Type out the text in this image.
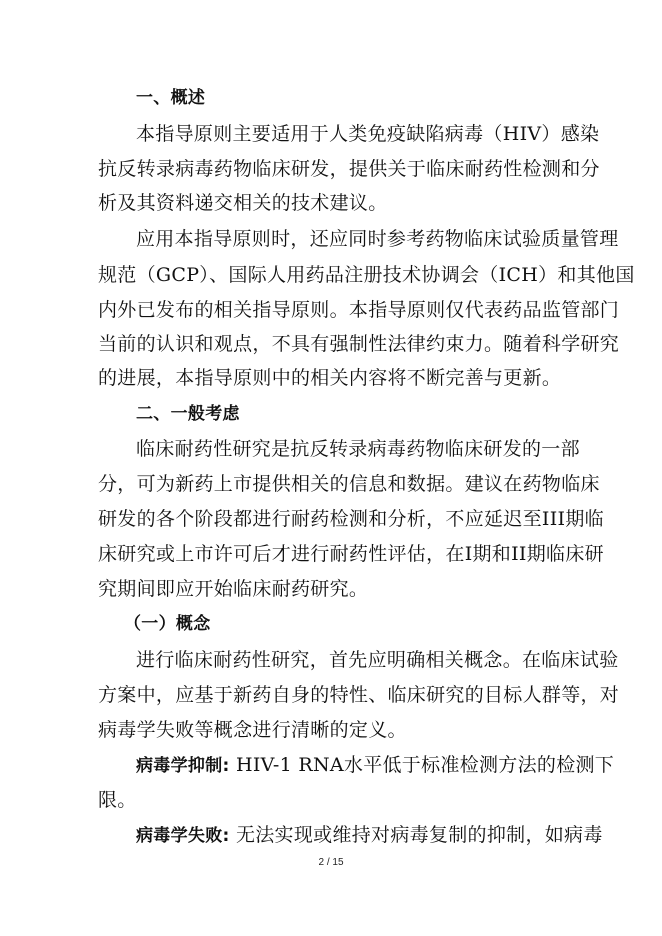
一、概述
本指导原则主要适用于人类免疫缺陷病毒（HIV）感染
抗反转录病毒药物临床研发，提供关于临床耐药性检测和分
析及其资料递交相关的技术建议。
应用本指导原则时，还应同时参考药物临床试验质量管理
规范（GCP）、国际人用药品注册技术协调会（ICH）和其他国
内外已发布的相关指导原则。本指导原则仅代表药品监管部门
当前的认识和观点，不具有强制性法律约束力。随着科学研究
的进展，本指导原则中的相关内容将不断完善与更新。
二、一般考虑
临床耐药性研究是抗反转录病毒药物临床研发的一部
分，可为新药上市提供相关的信息和数据。建议在药物临床
研发的各个阶段都进行耐药检测和分析，不应延迟至III期临
床研究或上市许可后才进行耐药性评估，在I期和II期临床研
究期间即应开始临床耐药研究。
（一）概念
进行临床耐药性研究，首先应明确相关概念。在临床试验
方案中，应基于新药自身的特性、临床研究的目标人群等，对
病毒学失败等概念进行清晰的定义。
病毒学抑制: HIV-1 RNA水平低于标准检测方法的检测下
限。
病毒学失败: 无法实现或维持对病毒复制的抑制，如病毒
2 / 15
